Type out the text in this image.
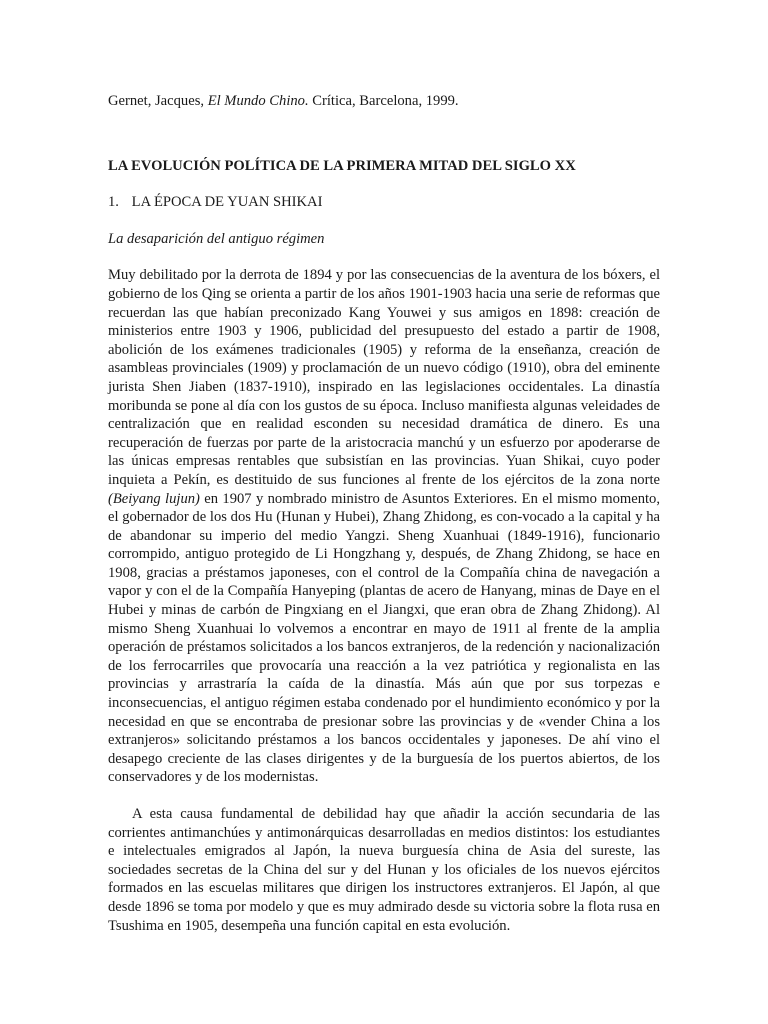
Gernet, Jacques, El Mundo Chino. Crítica, Barcelona, 1999.

LA EVOLUCIÓN POLÍTICA DE LA PRIMERA MITAD DEL SIGLO XX

1. LA ÉPOCA DE YUAN SHIKAI

La desaparición del antiguo régimen

Muy debilitado por la derrota de 1894 y por las consecuencias de la aventura de los bóxers, el gobierno de los Qing se orienta a partir de los años 1901-1903 hacia una serie de reformas que recuerdan las que habían preconizado Kang Youwei y sus amigos en 1898: creación de ministerios entre 1903 y 1906, publicidad del presupuesto del estado a partir de 1908, abolición de los exámenes tradicionales (1905) y reforma de la enseñanza, creación de asambleas provinciales (1909) y proclamación de un nuevo código (1910), obra del eminente jurista Shen Jiaben (1837-1910), inspirado en las legislaciones occidentales. La dinastía moribunda se pone al día con los gustos de su época. Incluso manifiesta algunas veleidades de centralización que en realidad esconden su necesidad dramática de dinero. Es una recuperación de fuerzas por parte de la aristocracia manchú y un esfuerzo por apoderarse de las únicas empresas rentables que subsistían en las provincias. Yuan Shikai, cuyo poder inquieta a Pekín, es destituido de sus funciones al frente de los ejércitos de la zona norte (Beiyang lujun) en 1907 y nombrado ministro de Asuntos Exteriores. En el mismo momento, el gobernador de los dos Hu (Hunan y Hubei), Zhang Zhidong, es con-vocado a la capital y ha de abandonar su imperio del medio Yangzi. Sheng Xuanhuai (1849-1916), funcionario corrompido, antiguo protegido de Li Hongzhang y, después, de Zhang Zhidong, se hace en 1908, gracias a préstamos japoneses, con el control de la Compañía china de navegación a vapor y con el de la Compañía Hanyeping (plantas de acero de Hanyang, minas de Daye en el Hubei y minas de carbón de Pingxiang en el Jiangxi, que eran obra de Zhang Zhidong). Al mismo Sheng Xuanhuai lo volvemos a encontrar en mayo de 1911 al frente de la amplia operación de préstamos solicitados a los bancos extranjeros, de la redención y nacionalización de los ferrocarriles que provocaría una reacción a la vez patriótica y regionalista en las provincias y arrastraría la caída de la dinastía. Más aún que por sus torpezas e inconsecuencias, el antiguo régimen estaba condenado por el hundimiento económico y por la necesidad en que se encontraba de presionar sobre las provincias y de «vender China a los extranjeros» solicitando préstamos a los bancos occidentales y japoneses. De ahí vino el desapego creciente de las clases dirigentes y de la burguesía de los puertos abiertos, de los conservadores y de los modernistas.

A esta causa fundamental de debilidad hay que añadir la acción secundaria de las corrientes antimanchúes y antimonárquicas desarrolladas en medios distintos: los estudiantes e intelectuales emigrados al Japón, la nueva burguesía china de Asia del sureste, las sociedades secretas de la China del sur y del Hunan y los oficiales de los nuevos ejércitos formados en las escuelas militares que dirigen los instructores extranjeros. El Japón, al que desde 1896 se toma por modelo y que es muy admirado desde su victoria sobre la flota rusa en Tsushima en 1905, desempeña una función capital en esta evolución.
